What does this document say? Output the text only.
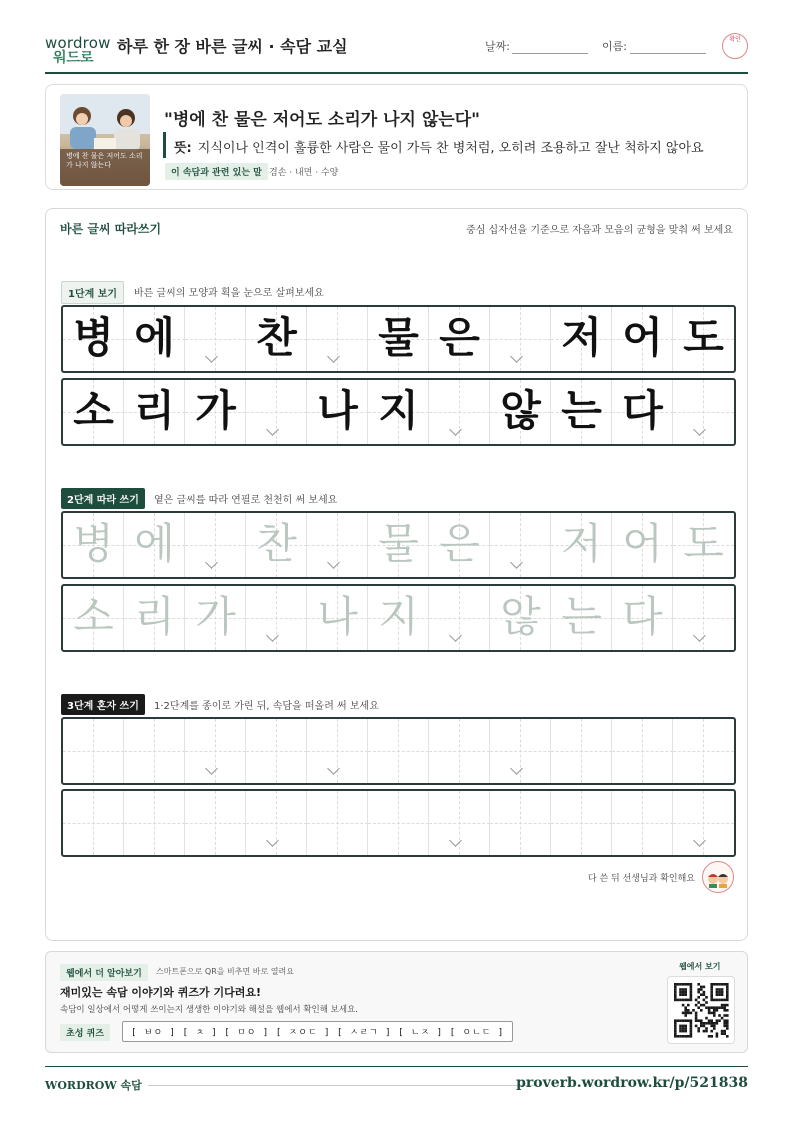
wordrow
워드로
하루 한 장 바른 글씨 · 속담 교실	날짜:	이름:
확인
병에 찬 물은 저어도 소리가 나지 않는다
"병에 찬 물은 저어도 소리가 나지 않는다"
뜻: 지식이나 인격이 훌륭한 사람은 물이 가득 찬 병처럼, 오히려 조용하고 잘난 척하지 않아요
이 속담과 관련 있는 말 겸손 · 내면 · 수양
바른 글씨 따라쓰기	중심 십자선을 기준으로 자음과 모음의 균형을 맞춰 써 보세요
1단계 보기	바른 글씨의 모양과 획을 눈으로 살펴보세요
2단계 따라 쓰기	옅은 글씨를 따라 연필로 천천히 써 보세요
3단계 혼자 쓰기	1·2단계를 종이로 가린 뒤, 속담을 떠올려 써 보세요
병 에 찬 물 은 저 어 도
소 리 가 나 지 않 는 다
병 에 찬 물 은 저 어 도
소 리 가 나 지 않 는 다
다 쓴 뒤 선생님과 확인해요
웹에서 더 알아보기	스마트폰으로 QR을 비추면 바로 열려요
재미있는 속담 이야기와 퀴즈가 기다려요!
속담이 일상에서 어떻게 쓰이는지 생생한 이야기와 해설을 웹에서 확인해 보세요.
초성 퀴즈	[ ㅂㅇ ] [ ㅊ ] [ ㅁㅇ ] [ ㅈㅇㄷ ] [ ㅅㄹㄱ ] [ ㄴㅈ ] [ ㅇㄴㄷ ]
웹에서 보기
WORDROW 속담	proverb.wordrow.kr/p/521838
